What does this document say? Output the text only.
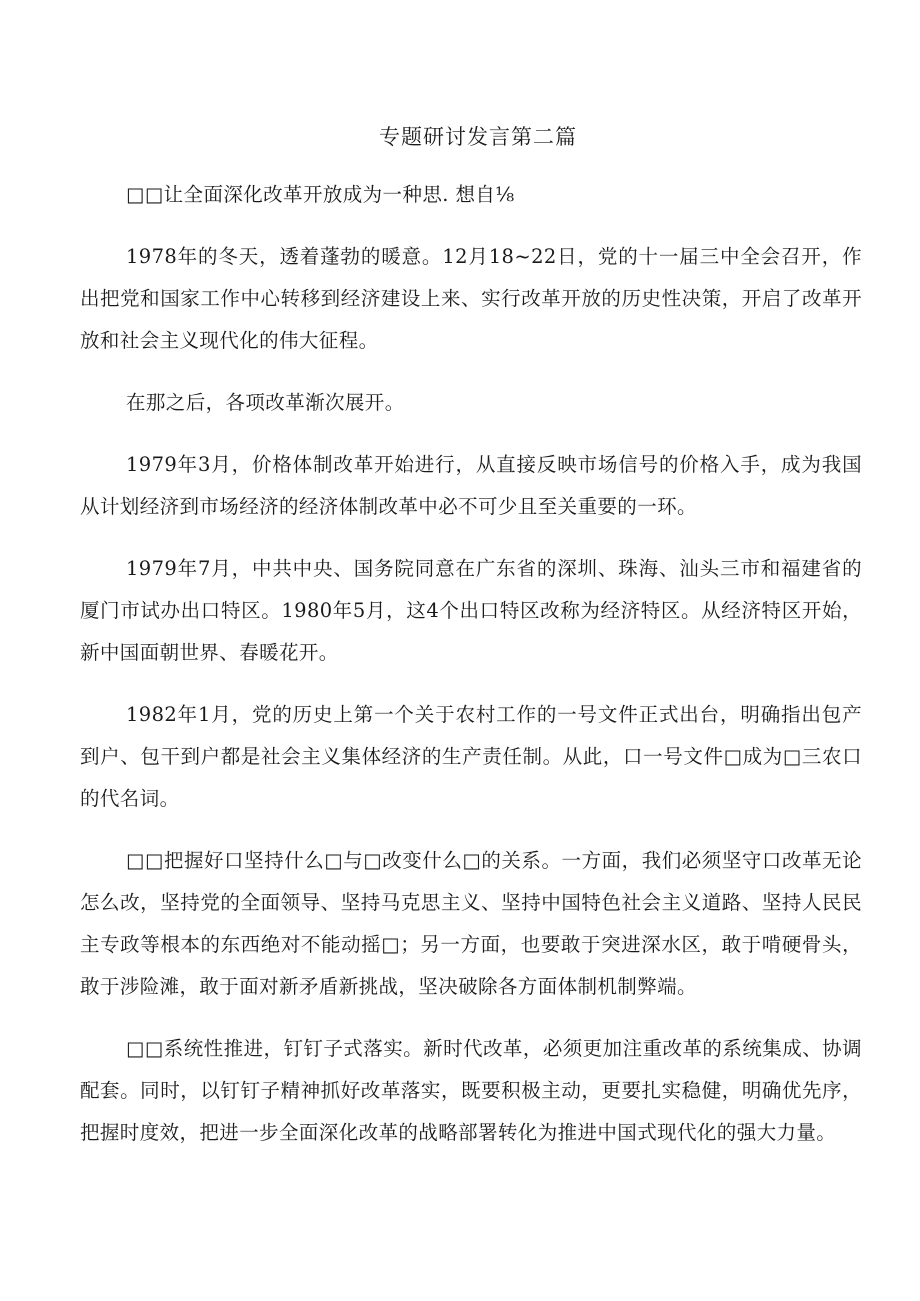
专题研讨发言第二篇

□□让全面深化改革开放成为一种思. 想自⅛

1978年的冬天，透着蓬勃的暖意。12月18~22日，党的十一届三中全会召开，作出把党和国家工作中心转移到经济建设上来、实行改革开放的历史性决策，开启了改革开放和社会主义现代化的伟大征程。

在那之后，各项改革渐次展开。

1979年3月，价格体制改革开始进行，从直接反映市场信号的价格入手，成为我国从计划经济到市场经济的经济体制改革中必不可少且至关重要的一环。

1979年7月，中共中央、国务院同意在广东省的深圳、珠海、汕头三市和福建省的厦门市试办出口特区。1980年5月，这4个出口特区改称为经济特区。从经济特区开始，新中国面朝世界、春暖花开。

1982年1月，党的历史上第一个关于农村工作的一号文件正式出台，明确指出包产到户、包干到户都是社会主义集体经济的生产责任制。从此，口一号文件□成为□三农口的代名词。

□□把握好口坚持什么□与□改变什么□的关系。一方面，我们必须坚守口改革无论怎么改，坚持党的全面领导、坚持马克思主义、坚持中国特色社会主义道路、坚持人民民主专政等根本的东西绝对不能动摇□；另一方面，也要敢于突进深水区，敢于啃硬骨头，敢于涉险滩，敢于面对新矛盾新挑战，坚决破除各方面体制机制弊端。

□□系统性推进，钉钉子式落实。新时代改革，必须更加注重改革的系统集成、协调配套。同时，以钉钉子精神抓好改革落实，既要积极主动，更要扎实稳健，明确优先序，把握时度效，把进一步全面深化改革的战略部署转化为推进中国式现代化的强大力量。
